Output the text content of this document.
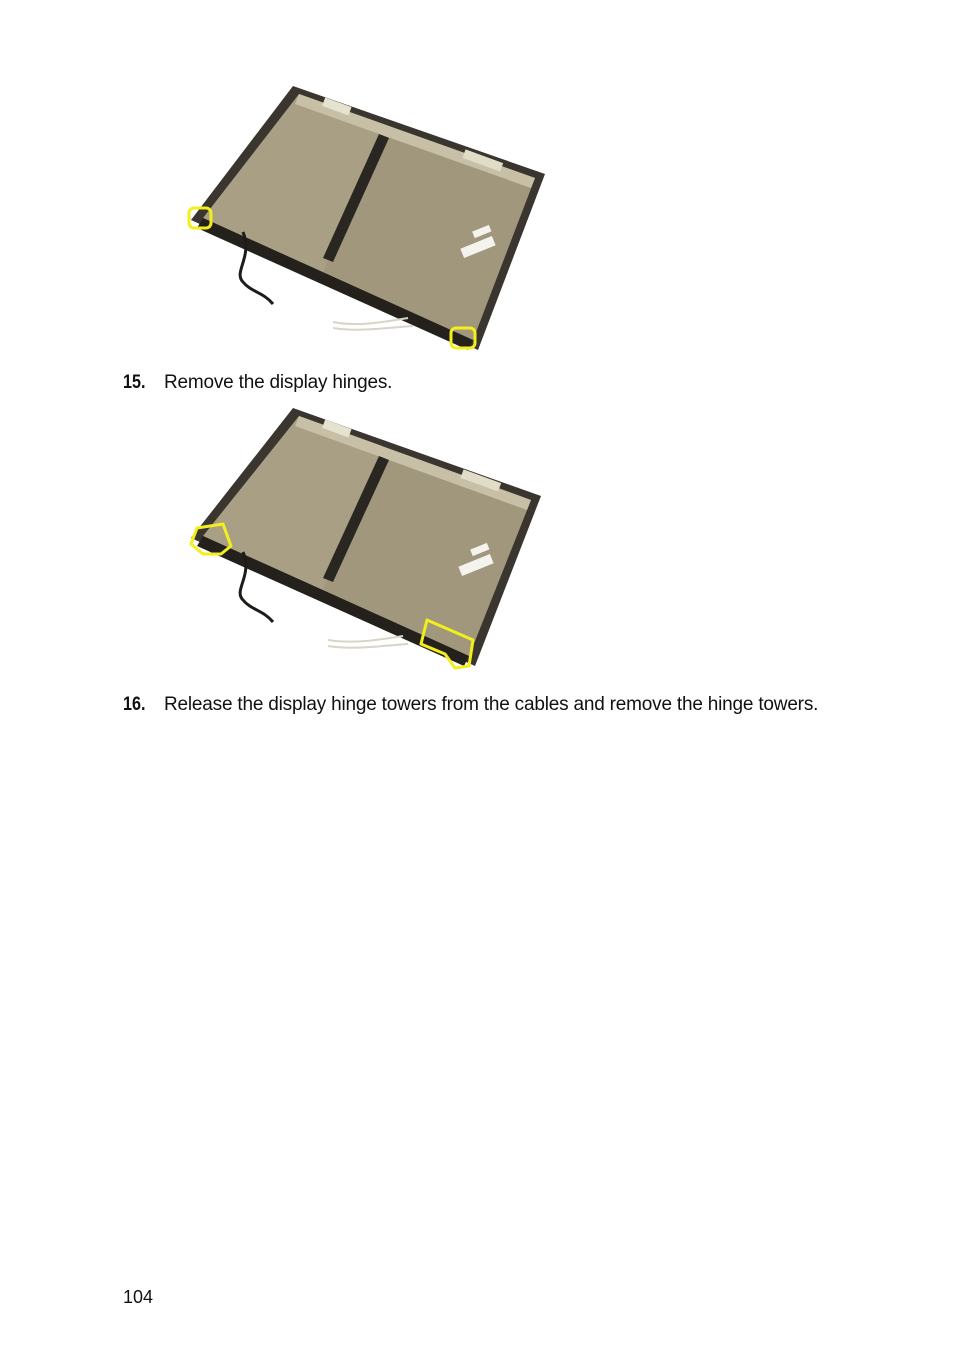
15. Remove the display hinges.
16. Release the display hinge towers from the cables and remove the hinge towers.
104
